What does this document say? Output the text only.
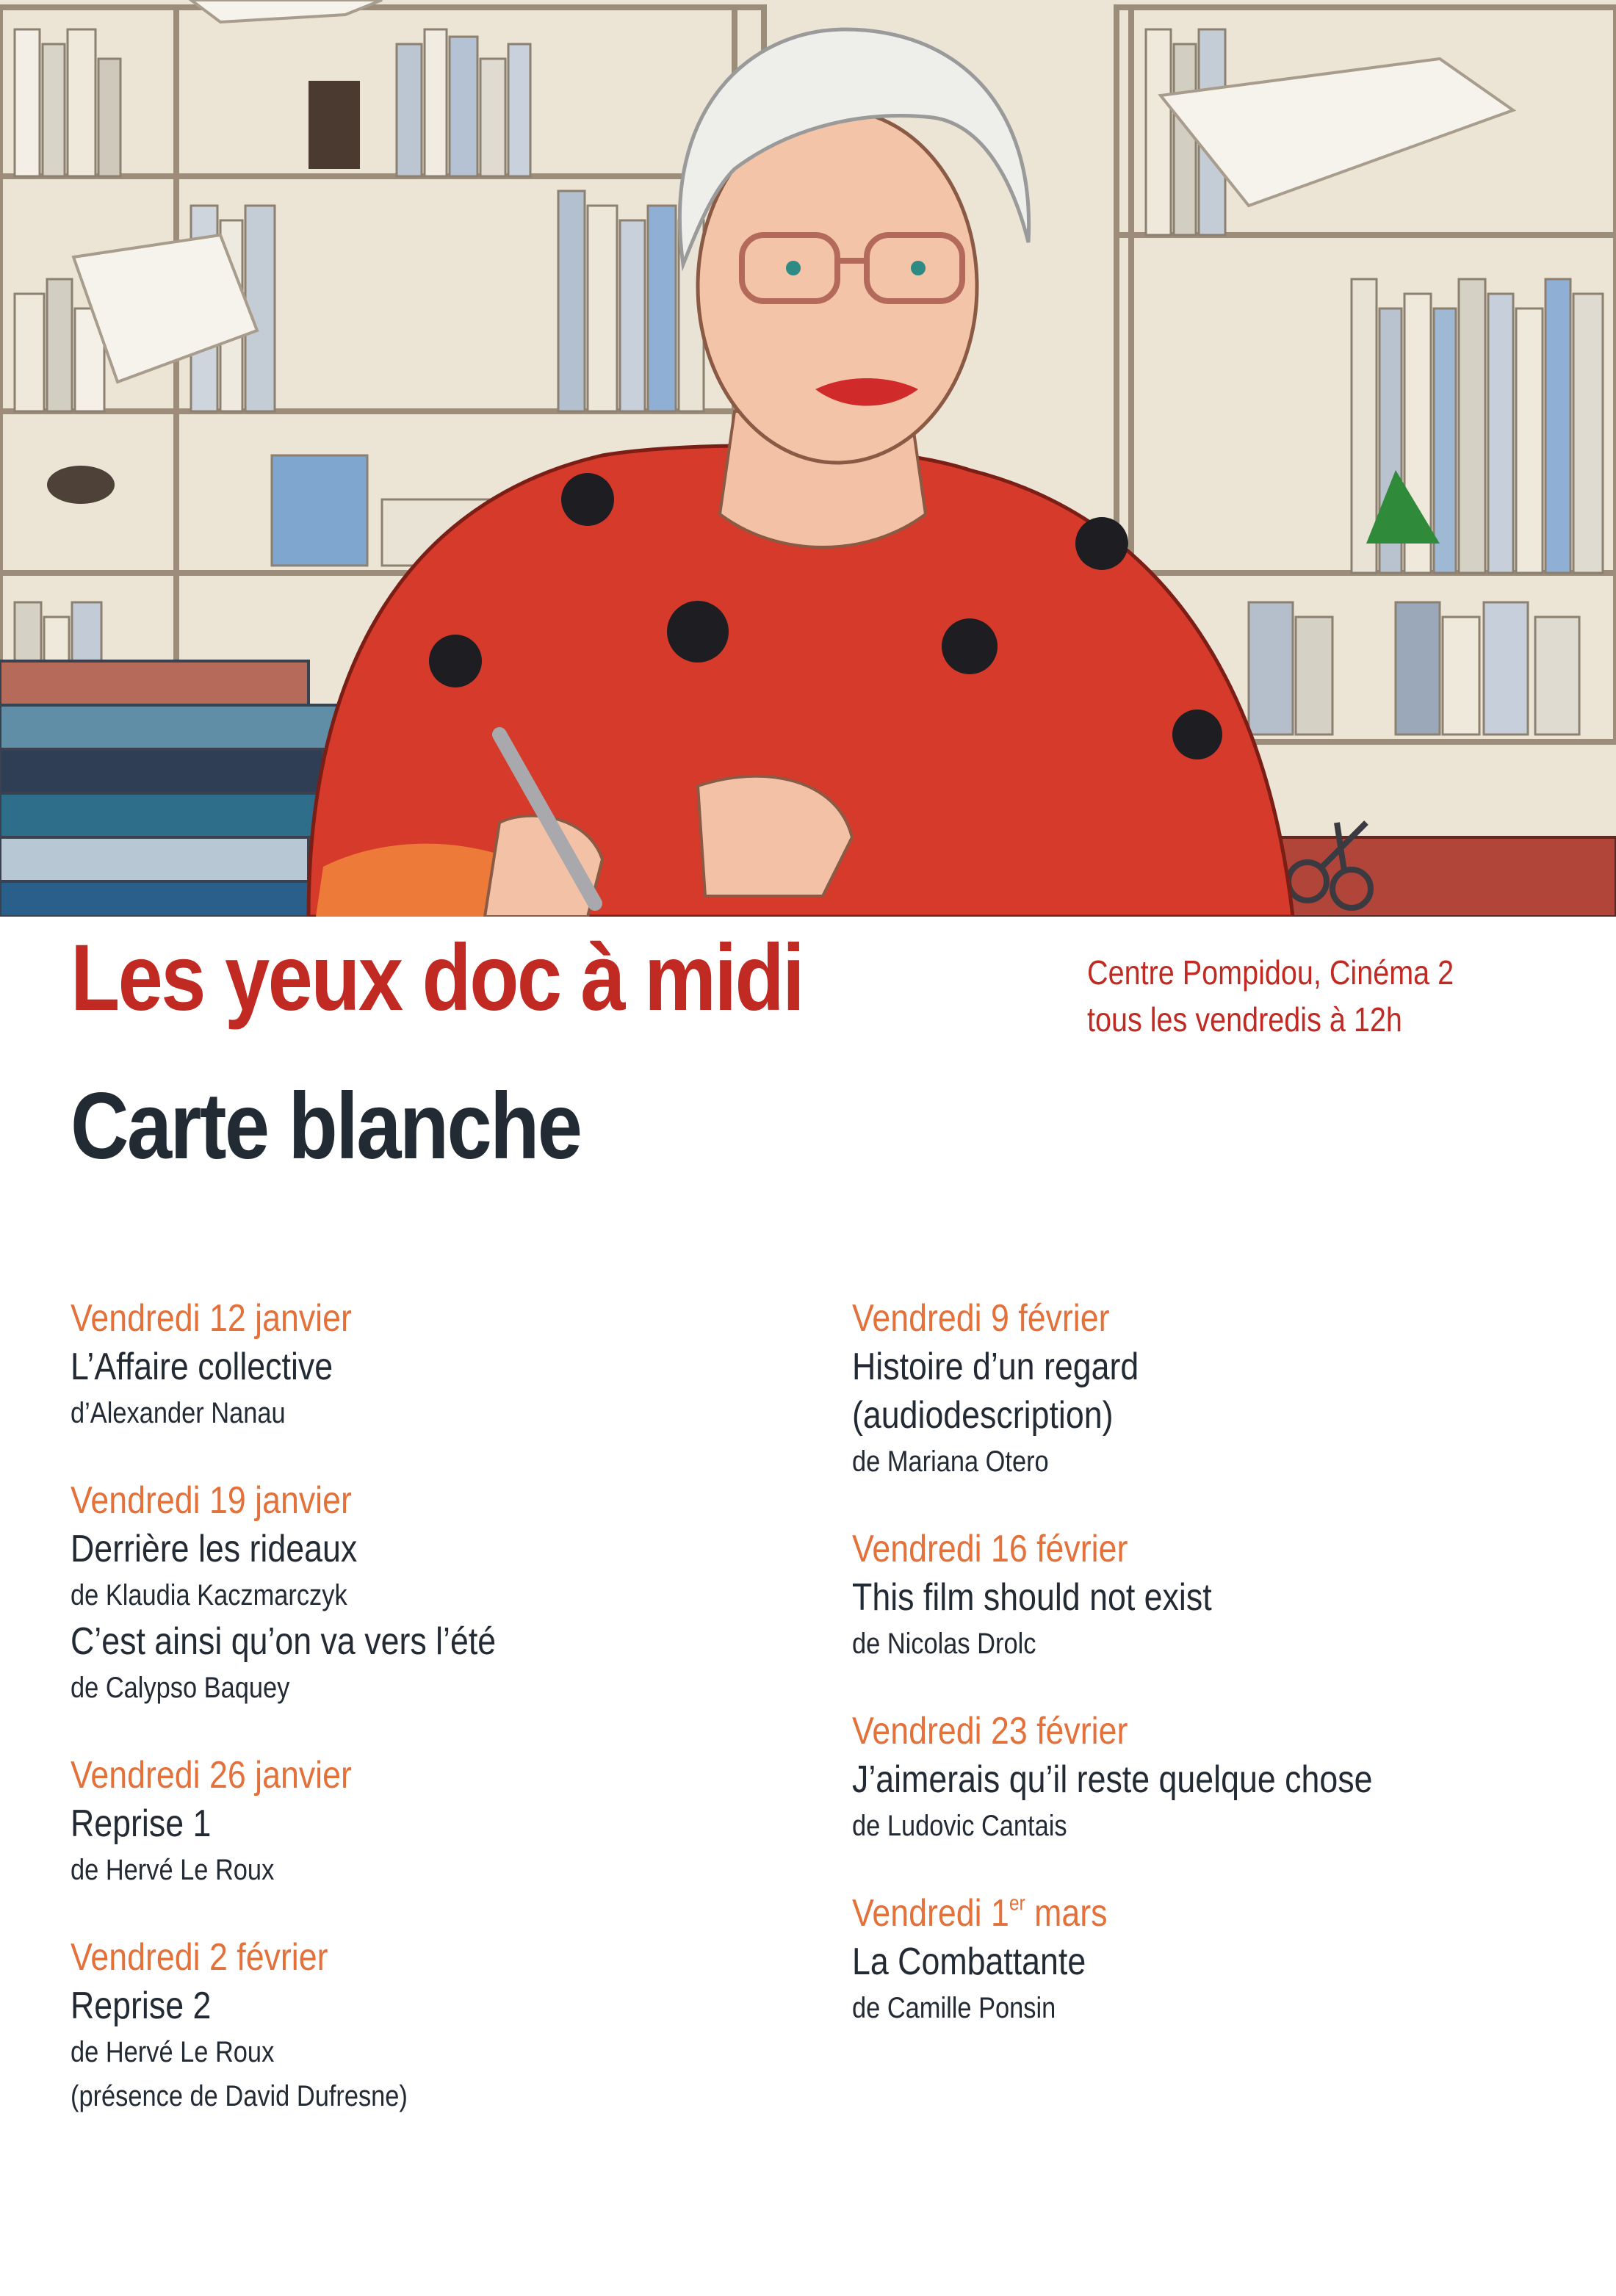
Les yeux doc à midi
Carte blanche
Centre Pompidou, Cinéma 2
tous les vendredis à 12h
Vendredi 12 janvier
L’Affaire collective
d’Alexander Nanau
Vendredi 19 janvier
Derrière les rideaux
de Klaudia Kaczmarczyk
C’est ainsi qu’on va vers l’été
de Calypso Baquey
Vendredi 26 janvier
Reprise 1
de Hervé Le Roux
Vendredi 2 février
Reprise 2
de Hervé Le Roux
(présence de David Dufresne)
Vendredi 9 février
Histoire d’un regard
(audiodescription)
de Mariana Otero
Vendredi 16 février
This film should not exist
de Nicolas Drolc
Vendredi 23 février
J’aimerais qu’il reste quelque chose
de Ludovic Cantais
Vendredi 1er mars
La Combattante
de Camille Ponsin
